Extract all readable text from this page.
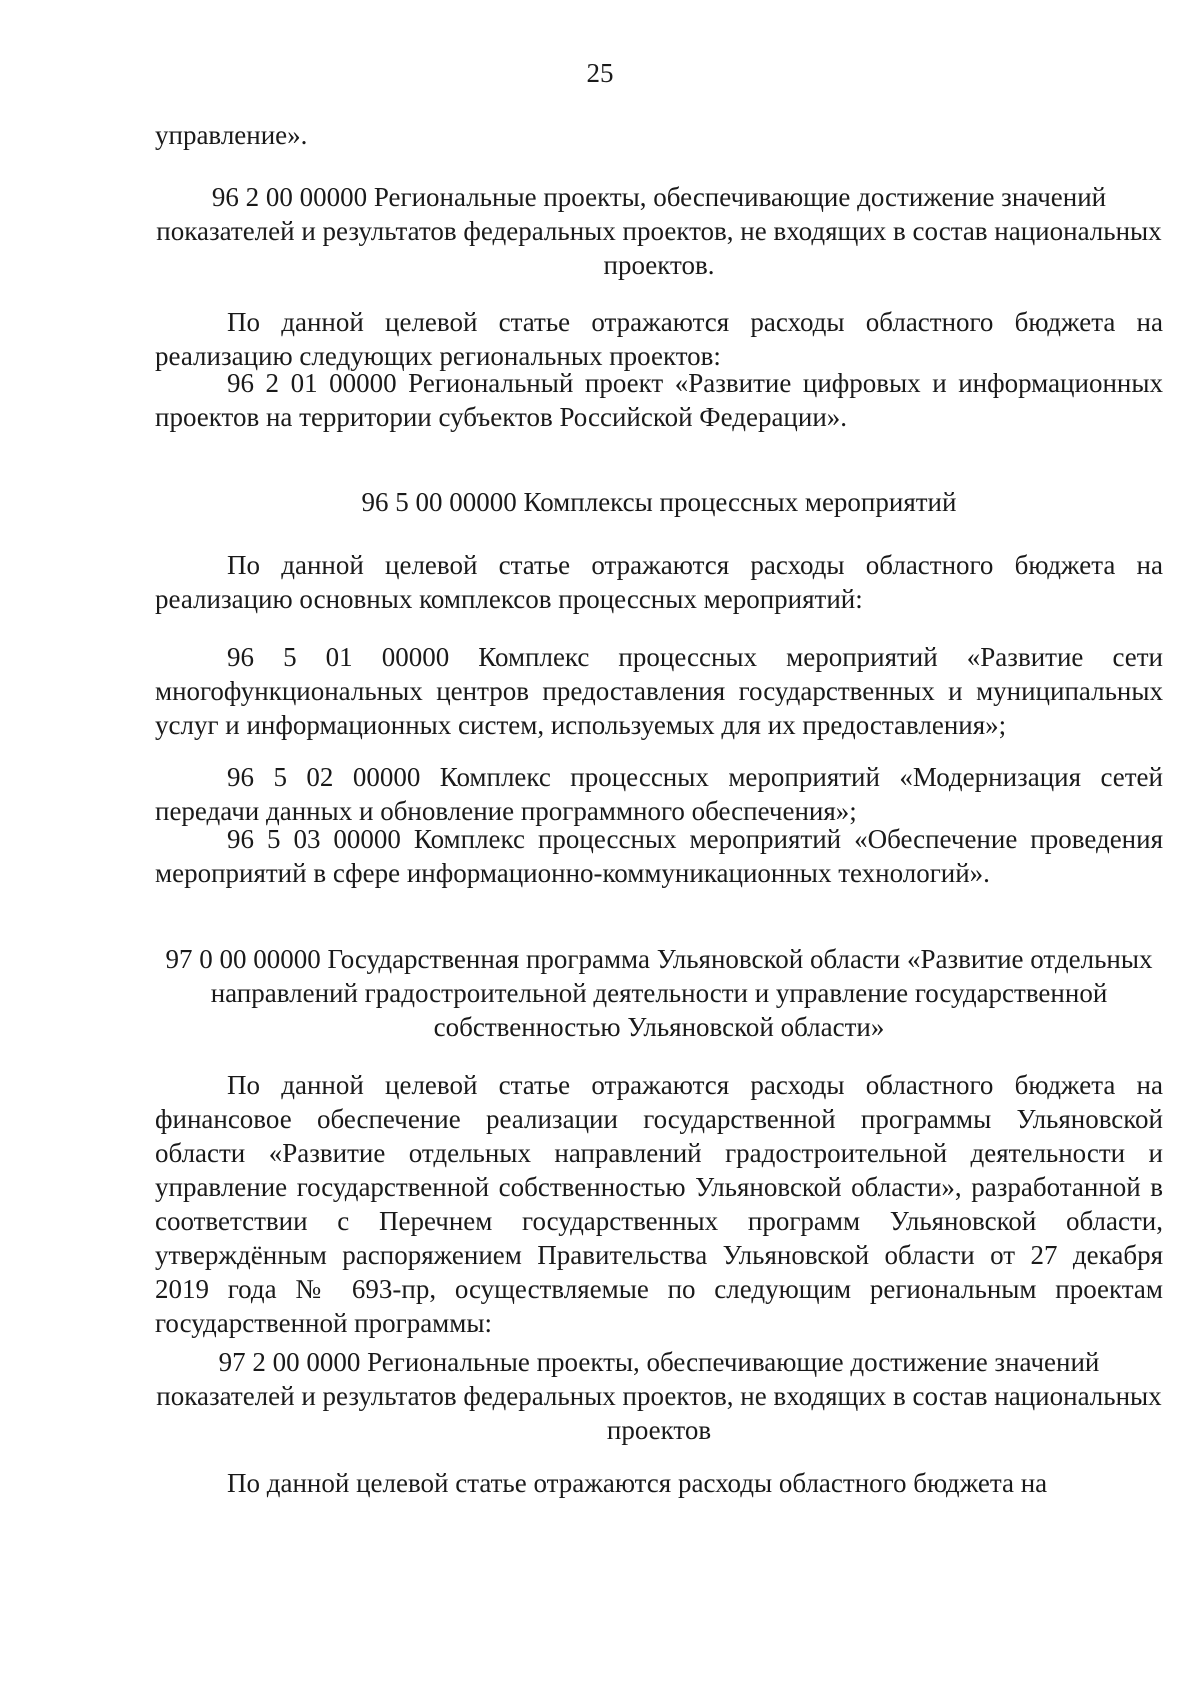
25
управление».
96 2 00 00000 Региональные проекты, обеспечивающие достижение значений показателей и результатов федеральных проектов, не входящих в состав национальных проектов.
По данной целевой статье отражаются расходы областного бюджета на реализацию следующих региональных проектов:
96 2 01 00000 Региональный проект «Развитие цифровых и информационных проектов на территории субъектов Российской Федерации».
96 5 00 00000 Комплексы процессных мероприятий
По данной целевой статье отражаются расходы областного бюджета на реализацию основных комплексов процессных мероприятий:
96 5 01 00000 Комплекс процессных мероприятий «Развитие сети многофункциональных центров предоставления государственных и муниципальных услуг и информационных систем, используемых для их предоставления»;
96 5 02 00000 Комплекс процессных мероприятий «Модернизация сетей передачи данных и обновление программного обеспечения»;
96 5 03 00000 Комплекс процессных мероприятий «Обеспечение проведения мероприятий в сфере информационно-коммуникационных технологий».
97 0 00 00000 Государственная программа Ульяновской области «Развитие отдельных направлений градостроительной деятельности и управление государственной собственностью Ульяновской области»
По данной целевой статье отражаются расходы областного бюджета на финансовое обеспечение реализации государственной программы Ульяновской области «Развитие отдельных направлений градостроительной деятельности и управление государственной собственностью Ульяновской области», разработанной в соответствии с Перечнем государственных программ Ульяновской области, утверждённым распоряжением Правительства Ульяновской области от 27 декабря 2019 года № 693-пр, осуществляемые по следующим региональным проектам государственной программы:
97 2 00 0000 Региональные проекты, обеспечивающие достижение значений показателей и результатов федеральных проектов, не входящих в состав национальных проектов
По данной целевой статье отражаются расходы областного бюджета на
